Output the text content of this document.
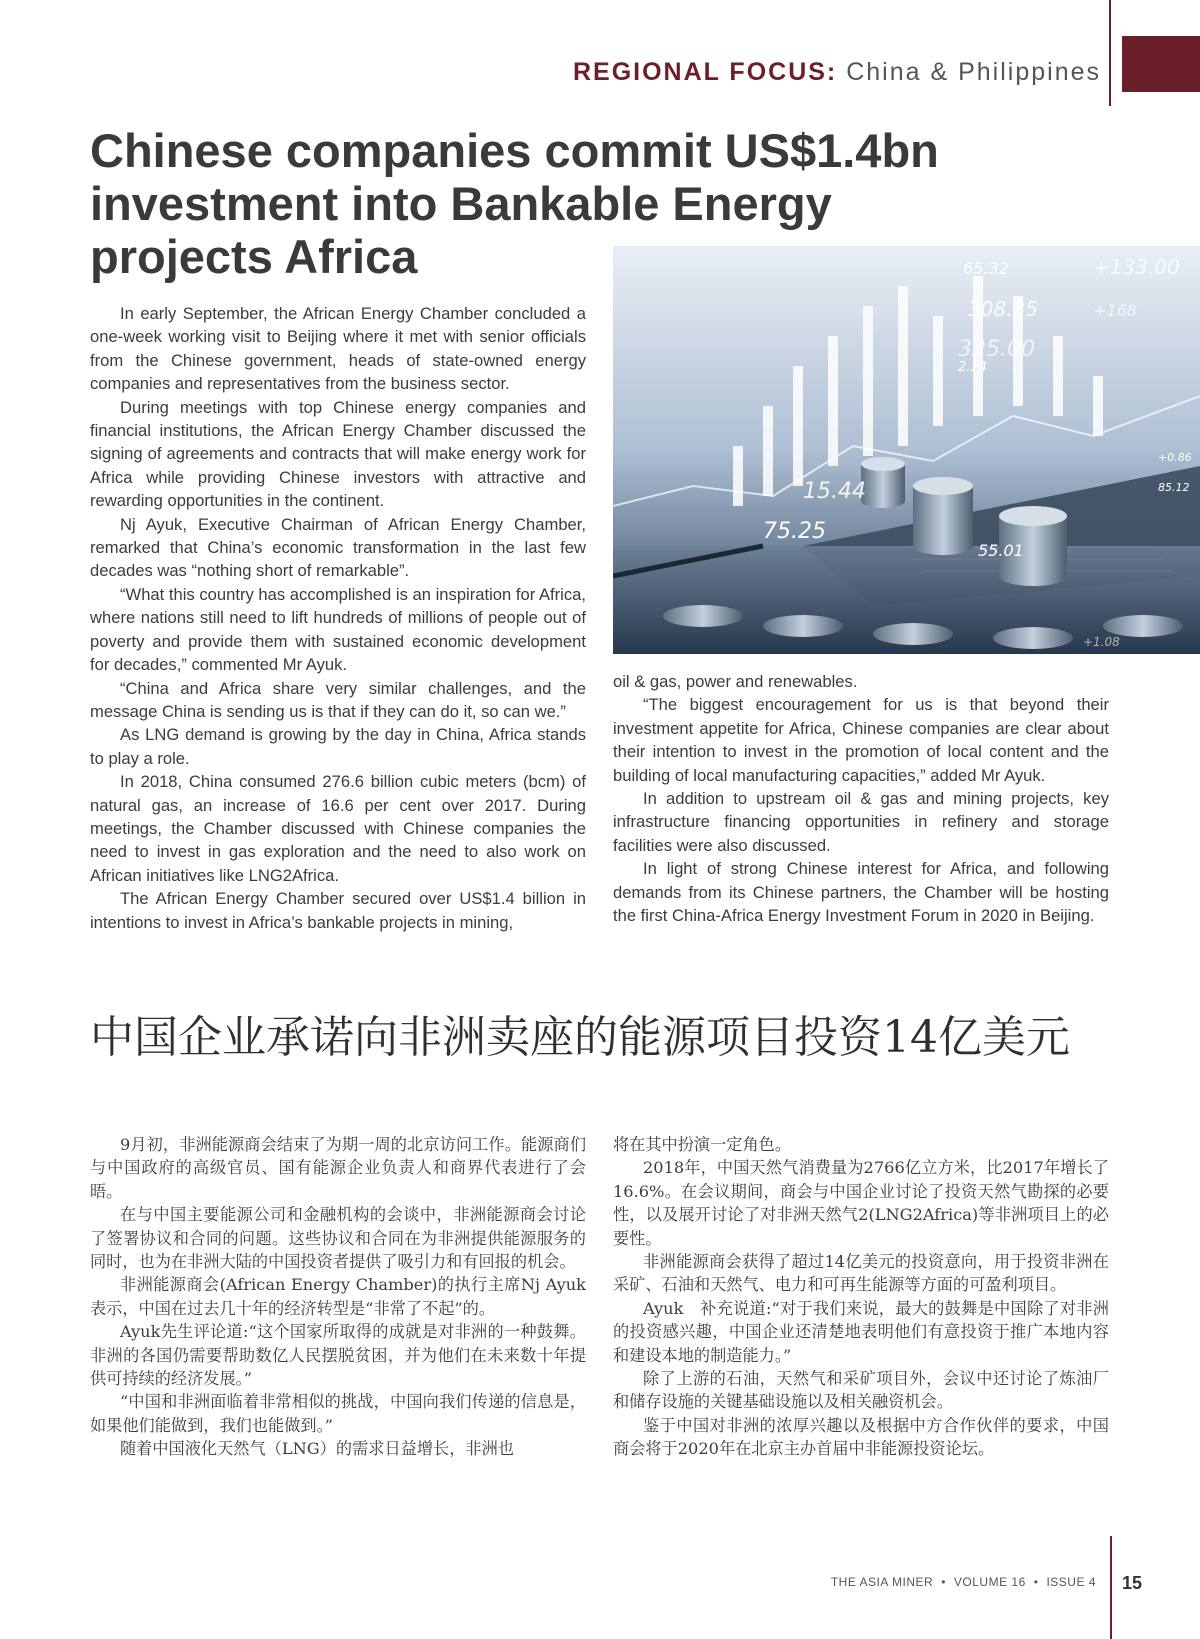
REGIONAL FOCUS: China & Philippines
Chinese companies commit US$1.4bn investment into Bankable Energy projects Africa	65.32	+133.00
308.35	+168
325.00
2.14
15.44
75.25
55.01
+0.86
85.12
+1.08

In early September, the African Energy Chamber concluded a one-week working visit to Beijing where it met with senior officials from the Chinese government, heads of state-owned energy companies and representatives from the business sector.

During meetings with top Chinese energy companies and financial institutions, the African Energy Chamber discussed the signing of agreements and contracts that will make energy work for Africa while providing Chinese investors with attractive and rewarding opportunities in the continent.

Nj Ayuk, Executive Chairman of African Energy Chamber, remarked that China’s economic transformation in the last few decades was “nothing short of remarkable”.

“What this country has accomplished is an inspiration for Africa, where nations still need to lift hundreds of millions of people out of poverty and provide them with sustained economic development for decades,” commented Mr Ayuk.

“China and Africa share very similar challenges, and the message China is sending us is that if they can do it, so can we.”

As LNG demand is growing by the day in China, Africa stands to play a role.

In 2018, China consumed 276.6 billion cubic meters (bcm) of natural gas, an increase of 16.6 per cent over 2017. During meetings, the Chamber discussed with Chinese companies the need to invest in gas exploration and the need to also work on African initiatives like LNG2Africa.

The African Energy Chamber secured over US$1.4 billion in intentions to invest in Africa’s bankable projects in mining,

oil & gas, power and renewables.

“The biggest encouragement for us is that beyond their investment appetite for Africa, Chinese companies are clear about their intention to invest in the promotion of local content and the building of local manufacturing capacities,” added Mr Ayuk.

In addition to upstream oil & gas and mining projects, key infrastructure financing opportunities in refinery and storage facilities were also discussed.

In light of strong Chinese interest for Africa, and following demands from its Chinese partners, the Chamber will be hosting the first China-Africa Energy Investment Forum in 2020 in Beijing.

中国企业承诺向非洲卖座的能源项目投资14亿美元

9月初，非洲能源商会结束了为期一周的北京访问工作。能源商们与中国政府的高级官员、国有能源企业负责人和商界代表进行了会晤。

在与中国主要能源公司和金融机构的会谈中，非洲能源商会讨论了签署协议和合同的问题。这些协议和合同在为非洲提供能源服务的同时，也为在非洲大陆的中国投资者提供了吸引力和有回报的机会。

非洲能源商会(African Energy Chamber)的执行主席Nj Ayuk表示，中国在过去几十年的经济转型是“非常了不起”的。

Ayuk先生评论道:“这个国家所取得的成就是对非洲的一种鼓舞。非洲的各国仍需要帮助数亿人民摆脱贫困，并为他们在未来数十年提供可持续的经济发展。”

“中国和非洲面临着非常相似的挑战，中国向我们传递的信息是，如果他们能做到，我们也能做到。”

随着中国液化天然气（LNG）的需求日益增长，非洲也

将在其中扮演一定角色。

2018年，中国天然气消费量为2766亿立方米，比2017年增长了16.6%。在会议期间，商会与中国企业讨论了投资天然气勘探的必要性，以及展开讨论了对非洲天然气2(LNG2Africa)等非洲项目上的必要性。

非洲能源商会获得了超过14亿美元的投资意向，用于投资非洲在采矿、石油和天然气、电力和可再生能源等方面的可盈利项目。

Ayuk　补充说道:“对于我们来说，最大的鼓舞是中国除了对非洲的投资感兴趣，中国企业还清楚地表明他们有意投资于推广本地内容和建设本地的制造能力。”

除了上游的石油，天然气和采矿项目外，会议中还讨论了炼油厂和储存设施的关键基础设施以及相关融资机会。

鉴于中国对非洲的浓厚兴趣以及根据中方合作伙伴的要求，中国商会将于2020年在北京主办首届中非能源投资论坛。

THE ASIA MINER • VOLUME 16 • ISSUE 4 15
